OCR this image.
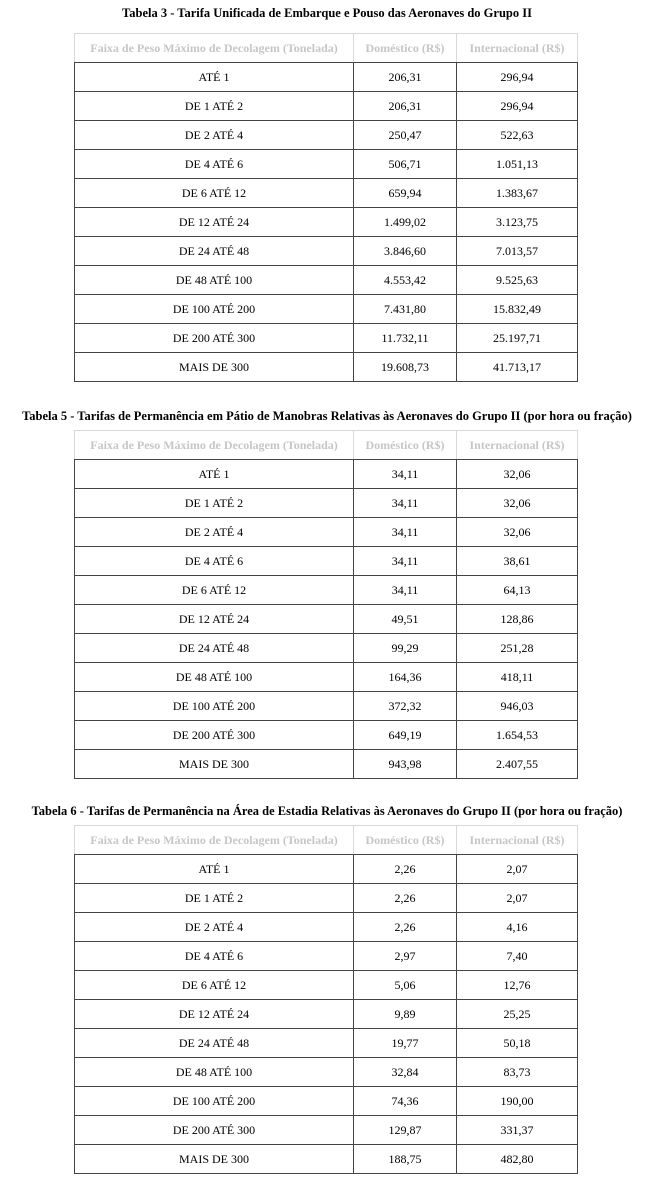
Tabela 3 - Tarifa Unificada de Embarque e Pouso das Aeronaves do Grupo II
Faixa de Peso Máximo de Decolagem (Tonelada)	Doméstico (R$)	Internacional (R$)
ATÉ 1	206,31	296,94
DE 1 ATÉ 2	206,31	296,94
DE 2 ATÉ 4	250,47	522,63
DE 4 ATÉ 6	506,71	1.051,13
DE 6 ATÉ 12	659,94	1.383,67
DE 12 ATÉ 24	1.499,02	3.123,75
DE 24 ATÉ 48	3.846,60	7.013,57
DE 48 ATÉ 100	4.553,42	9.525,63
DE 100 ATÉ 200	7.431,80	15.832,49
DE 200 ATÉ 300	11.732,11	25.197,71
MAIS DE 300	19.608,73	41.713,17
Tabela 5 - Tarifas de Permanência em Pátio de Manobras Relativas às Aeronaves do Grupo II (por hora ou fração)
Faixa de Peso Máximo de Decolagem (Tonelada)	Doméstico (R$)	Internacional (R$)
ATÉ 1	34,11	32,06
DE 1 ATÉ 2	34,11	32,06
DE 2 ATÉ 4	34,11	32,06
DE 4 ATÉ 6	34,11	38,61
DE 6 ATÉ 12	34,11	64,13
DE 12 ATÉ 24	49,51	128,86
DE 24 ATÉ 48	99,29	251,28
DE 48 ATÉ 100	164,36	418,11
DE 100 ATÉ 200	372,32	946,03
DE 200 ATÉ 300	649,19	1.654,53
MAIS DE 300	943,98	2.407,55
Tabela 6 - Tarifas de Permanência na Área de Estadia Relativas às Aeronaves do Grupo II (por hora ou fração)
Faixa de Peso Máximo de Decolagem (Tonelada)	Doméstico (R$)	Internacional (R$)
ATÉ 1	2,26	2,07
DE 1 ATÉ 2	2,26	2,07
DE 2 ATÉ 4	2,26	4,16
DE 4 ATÉ 6	2,97	7,40
DE 6 ATÉ 12	5,06	12,76
DE 12 ATÉ 24	9,89	25,25
DE 24 ATÉ 48	19,77	50,18
DE 48 ATÉ 100	32,84	83,73
DE 100 ATÉ 200	74,36	190,00
DE 200 ATÉ 300	129,87	331,37
MAIS DE 300	188,75	482,80
